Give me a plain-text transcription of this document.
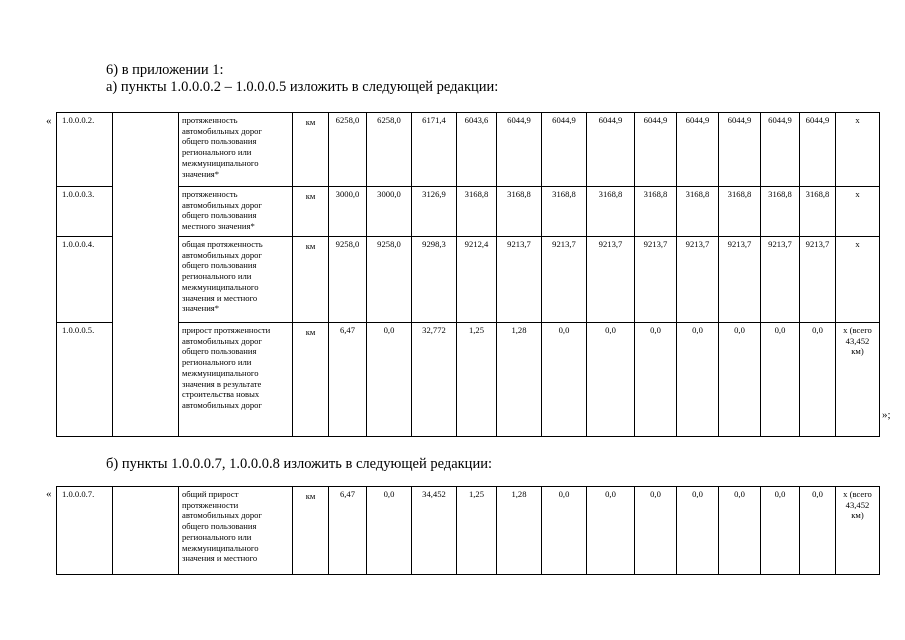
6) в приложении 1:
а) пункты 1.0.0.0.2 – 1.0.0.0.5 изложить в следующей редакции:
« 1.0.0.0.2.		протяженность автомобильных дорог общего пользования регионального или межмуниципального значения*	км	6258,0	6258,0	6171,4	6043,6	6044,9	6044,9	6044,9	6044,9	6044,9	6044,9	6044,9	6044,9	х
1.0.0.0.3.		протяженность автомобильных дорог общего пользования местного значения*	км	3000,0	3000,0	3126,9	3168,8	3168,8	3168,8	3168,8	3168,8	3168,8	3168,8	3168,8	3168,8	х
1.0.0.0.4.		общая протяженность автомобильных дорог общего пользования регионального или межмуниципального значения и местного значения*	км	9258,0	9258,0	9298,3	9212,4	9213,7	9213,7	9213,7	9213,7	9213,7	9213,7	9213,7	9213,7	х
1.0.0.0.5.		прирост протяженности автомобильных дорог общего пользования регионального или межмуниципального значения в результате строительства новых автомобильных дорог	км	6,47	0,0	32,772	1,25	1,28	0,0	0,0	0,0	0,0	0,0	0,0	0,0	х (всего 43,452 км)
»;
б) пункты 1.0.0.0.7, 1.0.0.0.8 изложить в следующей редакции:
« 1.0.0.0.7.		общий прирост протяженности автомобильных дорог общего пользования регионального или межмуниципального значения и местного	км	6,47	0,0	34,452	1,25	1,28	0,0	0,0	0,0	0,0	0,0	0,0	0,0	х (всего 43,452 км)
